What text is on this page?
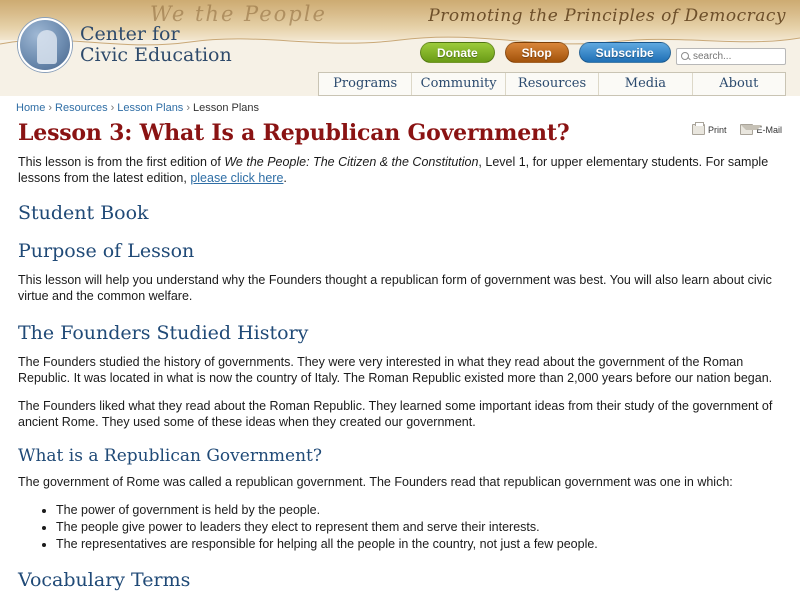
We the People	Promoting the Principles of Democracy
Center for
Civic Education	Donate	Shop	Subscribe
search...
Programs	Community	Resources	Media	About
Home › Resources › Lesson Plans › Lesson Plans
Print	E-Mail
Lesson 3: What Is a Republican Government?

This lesson is from the first edition of We the People: The Citizen & the Constitution, Level 1, for upper elementary students. For sample lessons from the latest edition, please click here.

Student Book
Purpose of Lesson

This lesson will help you understand why the Founders thought a republican form of government was best. You will also learn about civic virtue and the common welfare.

The Founders Studied History

The Founders studied the history of governments. They were very interested in what they read about the government of the Roman Republic. It was located in what is now the country of Italy. The Roman Republic existed more than 2,000 years before our nation began.

The Founders liked what they read about the Roman Republic. They learned some important ideas from their study of the government of ancient Rome. They used some of these ideas when they created our government.

What is a Republican Government?

The government of Rome was called a republican government. The Founders read that republican government was one in which:

• The power of government is held by the people.
• The people give power to leaders they elect to represent them and serve their interests.
• The representatives are responsible for helping all the people in the country, not just a few people.
Vocabulary Terms
